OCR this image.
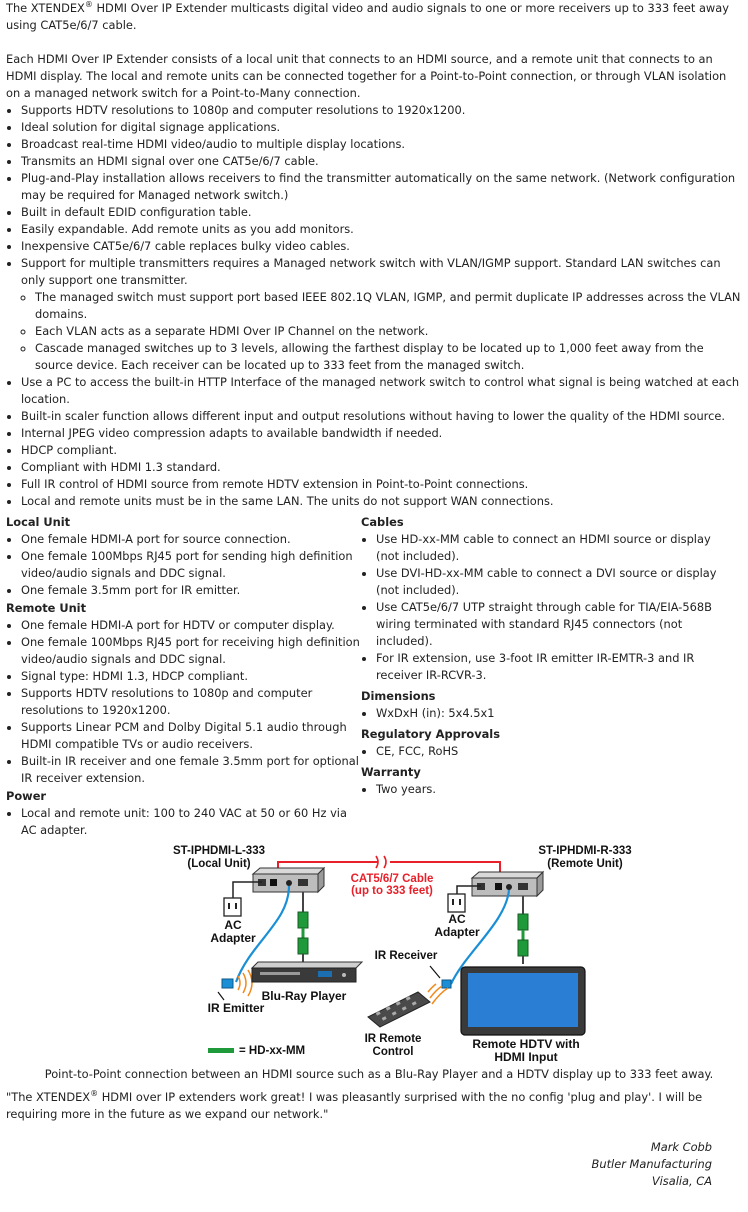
The XTENDEX® HDMI Over IP Extender multicasts digital video and audio signals to one or more receivers up to 333 feet away using CAT5e/6/7 cable.

Each HDMI Over IP Extender consists of a local unit that connects to an HDMI source, and a remote unit that connects to an HDMI display. The local and remote units can be connected together for a Point-to-Point connection, or through VLAN isolation on a managed network switch for a Point-to-Many connection.

• Supports HDTV resolutions to 1080p and computer resolutions to 1920x1200.
• Ideal solution for digital signage applications.
• Broadcast real-time HDMI video/audio to multiple display locations.
• Transmits an HDMI signal over one CAT5e/6/7 cable.
• Plug-and-Play installation allows receivers to find the transmitter automatically on the same network. (Network configuration may be required for Managed network switch.)
• Built in default EDID configuration table.
• Easily expandable. Add remote units as you add monitors.
• Inexpensive CAT5e/6/7 cable replaces bulky video cables.
• Support for multiple transmitters requires a Managed network switch with VLAN/IGMP support. Standard LAN switches can only support one transmitter.
◦ The managed switch must support port based IEEE 802.1Q VLAN, IGMP, and permit duplicate IP addresses across the VLAN domains.
◦ Each VLAN acts as a separate HDMI Over IP Channel on the network.
◦ Cascade managed switches up to 3 levels, allowing the farthest display to be located up to 1,000 feet away from the source device. Each receiver can be located up to 333 feet from the managed switch.
• Use a PC to access the built-in HTTP Interface of the managed network switch to control what signal is being watched at each location.
• Built-in scaler function allows different input and output resolutions without having to lower the quality of the HDMI source.
• Internal JPEG video compression adapts to available bandwidth if needed.
• HDCP compliant.
• Compliant with HDMI 1.3 standard.
• Full IR control of HDMI source from remote HDTV extension in Point-to-Point connections.
• Local and remote units must be in the same LAN. The units do not support WAN connections.
Local Unit
• One female HDMI-A port for source connection.
• One female 100Mbps RJ45 port for sending high definition video/audio signals and DDC signal.
• One female 3.5mm port for IR emitter.
Remote Unit
• One female HDMI-A port for HDTV or computer display.
• One female 100Mbps RJ45 port for receiving high definition video/audio signals and DDC signal.
• Signal type: HDMI 1.3, HDCP compliant.
• Supports HDTV resolutions to 1080p and computer resolutions to 1920x1200.
• Supports Linear PCM and Dolby Digital 5.1 audio through HDMI compatible TVs or audio receivers.
• Built-in IR receiver and one female 3.5mm port for optional IR receiver extension.
Power
• Local and remote unit: 100 to 240 VAC at 50 or 60 Hz via AC adapter.
Cables
• Use HD-xx-MM cable to connect an HDMI source or display (not included).
• Use DVI-HD-xx-MM cable to connect a DVI source or display (not included).
• Use CAT5e/6/7 UTP straight through cable for TIA/EIA-568B wiring terminated with standard RJ45 connectors (not included).
• For IR extension, use 3-foot IR emitter IR-EMTR-3 and IR receiver IR-RCVR-3.
Dimensions
• WxDxH (in): 5x4.5x1
Regulatory Approvals
• CE, FCC, RoHS
Warranty
• Two years.
ST-IPHDMI-L-333
(Local Unit)
ST-IPHDMI-R-333
(Remote Unit)
CAT5/6/7 Cable
(up to 333 feet)
AC
Adapter
AC
Adapter
IR Emitter
Blu-Ray Player
IR Receiver
IR Remote
Control
Remote HDTV with
HDMI Input
= HD-xx-MM

Point-to-Point connection between an HDMI source such as a Blu-Ray Player and a HDTV display up to 333 feet away.

"The XTENDEX® HDMI over IP extenders work great! I was pleasantly surprised with the no config 'plug and play'. I will be requiring more in the future as we expand our network."

Mark Cobb
Butler Manufacturing
Visalia, CA
